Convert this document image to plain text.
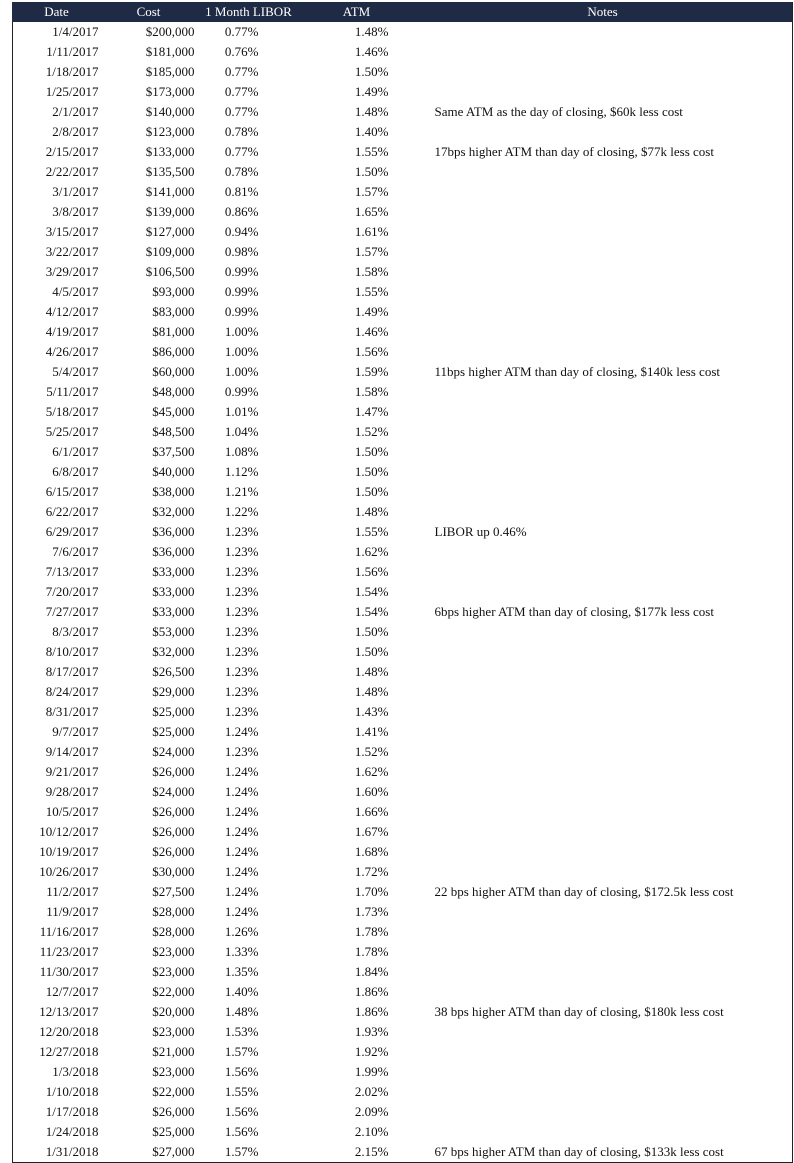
Date	Cost	1 Month LIBOR	ATM	Notes
1/4/2017	$200,000	0.77%	1.48%	
1/11/2017	$181,000	0.76%	1.46%	
1/18/2017	$185,000	0.77%	1.50%	
1/25/2017	$173,000	0.77%	1.49%	
2/1/2017	$140,000	0.77%	1.48%	Same ATM as the day of closing, $60k less cost
2/8/2017	$123,000	0.78%	1.40%	
2/15/2017	$133,000	0.77%	1.55%	17bps higher ATM than day of closing, $77k less cost
2/22/2017	$135,500	0.78%	1.50%	
3/1/2017	$141,000	0.81%	1.57%	
3/8/2017	$139,000	0.86%	1.65%	
3/15/2017	$127,000	0.94%	1.61%	
3/22/2017	$109,000	0.98%	1.57%	
3/29/2017	$106,500	0.99%	1.58%	
4/5/2017	$93,000	0.99%	1.55%	
4/12/2017	$83,000	0.99%	1.49%	
4/19/2017	$81,000	1.00%	1.46%	
4/26/2017	$86,000	1.00%	1.56%	
5/4/2017	$60,000	1.00%	1.59%	11bps higher ATM than day of closing, $140k less cost
5/11/2017	$48,000	0.99%	1.58%	
5/18/2017	$45,000	1.01%	1.47%	
5/25/2017	$48,500	1.04%	1.52%	
6/1/2017	$37,500	1.08%	1.50%	
6/8/2017	$40,000	1.12%	1.50%	
6/15/2017	$38,000	1.21%	1.50%	
6/22/2017	$32,000	1.22%	1.48%	
6/29/2017	$36,000	1.23%	1.55%	LIBOR up 0.46%
7/6/2017	$36,000	1.23%	1.62%	
7/13/2017	$33,000	1.23%	1.56%	
7/20/2017	$33,000	1.23%	1.54%	
7/27/2017	$33,000	1.23%	1.54%	6bps higher ATM than day of closing, $177k less cost
8/3/2017	$53,000	1.23%	1.50%	
8/10/2017	$32,000	1.23%	1.50%	
8/17/2017	$26,500	1.23%	1.48%	
8/24/2017	$29,000	1.23%	1.48%	
8/31/2017	$25,000	1.23%	1.43%	
9/7/2017	$25,000	1.24%	1.41%	
9/14/2017	$24,000	1.23%	1.52%	
9/21/2017	$26,000	1.24%	1.62%	
9/28/2017	$24,000	1.24%	1.60%	
10/5/2017	$26,000	1.24%	1.66%	
10/12/2017	$26,000	1.24%	1.67%	
10/19/2017	$26,000	1.24%	1.68%	
10/26/2017	$30,000	1.24%	1.72%	
11/2/2017	$27,500	1.24%	1.70%	22 bps higher ATM than day of closing, $172.5k less cost
11/9/2017	$28,000	1.24%	1.73%	
11/16/2017	$28,000	1.26%	1.78%	
11/23/2017	$23,000	1.33%	1.78%	
11/30/2017	$23,000	1.35%	1.84%	
12/7/2017	$22,000	1.40%	1.86%	
12/13/2017	$20,000	1.48%	1.86%	38 bps higher ATM than day of closing, $180k less cost
12/20/2018	$23,000	1.53%	1.93%	
12/27/2018	$21,000	1.57%	1.92%	
1/3/2018	$23,000	1.56%	1.99%	
1/10/2018	$22,000	1.55%	2.02%	
1/17/2018	$26,000	1.56%	2.09%	
1/24/2018	$25,000	1.56%	2.10%	
1/31/2018	$27,000	1.57%	2.15%	67 bps higher ATM than day of closing, $133k less cost
